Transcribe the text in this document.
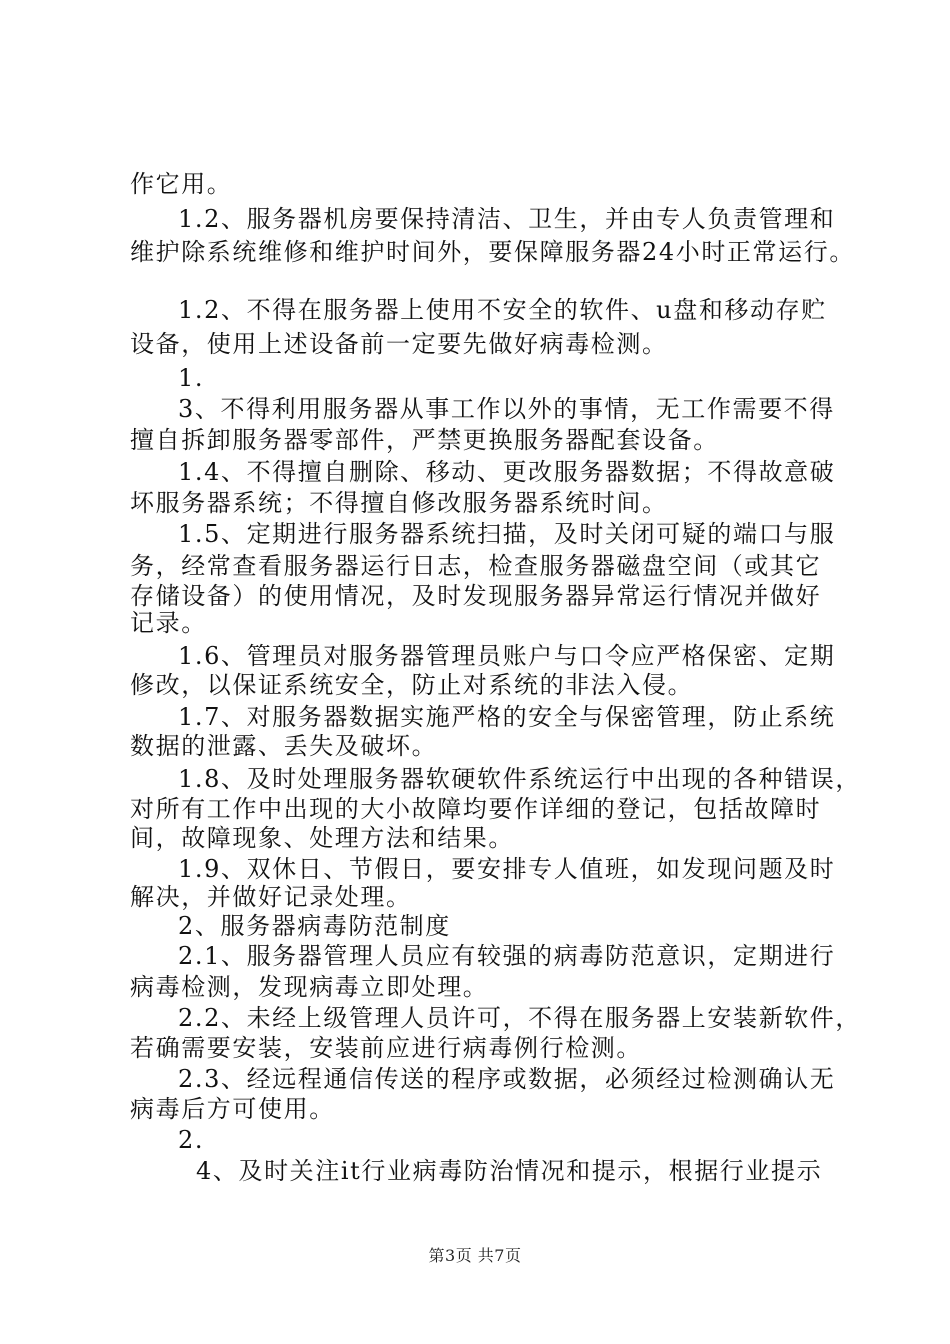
作它用。
1.2、服务器机房要保持清洁、卫生，并由专人负责管理和
维护除系统维修和维护时间外，要保障服务器24小时正常运行。
1.2、不得在服务器上使用不安全的软件、u盘和移动存贮
设备，使用上述设备前一定要先做好病毒检测。
1.
3、不得利用服务器从事工作以外的事情，无工作需要不得
擅自拆卸服务器零部件，严禁更换服务器配套设备。
1.4、不得擅自删除、移动、更改服务器数据；不得故意破
坏服务器系统；不得擅自修改服务器系统时间。
1.5、定期进行服务器系统扫描，及时关闭可疑的端口与服
务，经常查看服务器运行日志，检查服务器磁盘空间（或其它
存储设备）的使用情况，及时发现服务器异常运行情况并做好
记录。
1.6、管理员对服务器管理员账户与口令应严格保密、定期
修改，以保证系统安全，防止对系统的非法入侵。
1.7、对服务器数据实施严格的安全与保密管理，防止系统
数据的泄露、丢失及破坏。
1.8、及时处理服务器软硬软件系统运行中出现的各种错误，
对所有工作中出现的大小故障均要作详细的登记，包括故障时
间，故障现象、处理方法和结果。
1.9、双休日、节假日，要安排专人值班，如发现问题及时
解决，并做好记录处理。
2、服务器病毒防范制度
2.1、服务器管理人员应有较强的病毒防范意识，定期进行
病毒检测，发现病毒立即处理。
2.2、未经上级管理人员许可，不得在服务器上安装新软件，
若确需要安装，安装前应进行病毒例行检测。
2.3、经远程通信传送的程序或数据，必须经过检测确认无
病毒后方可使用。
2.
4、及时关注it行业病毒防治情况和提示，根据行业提示
第3页 共7页
